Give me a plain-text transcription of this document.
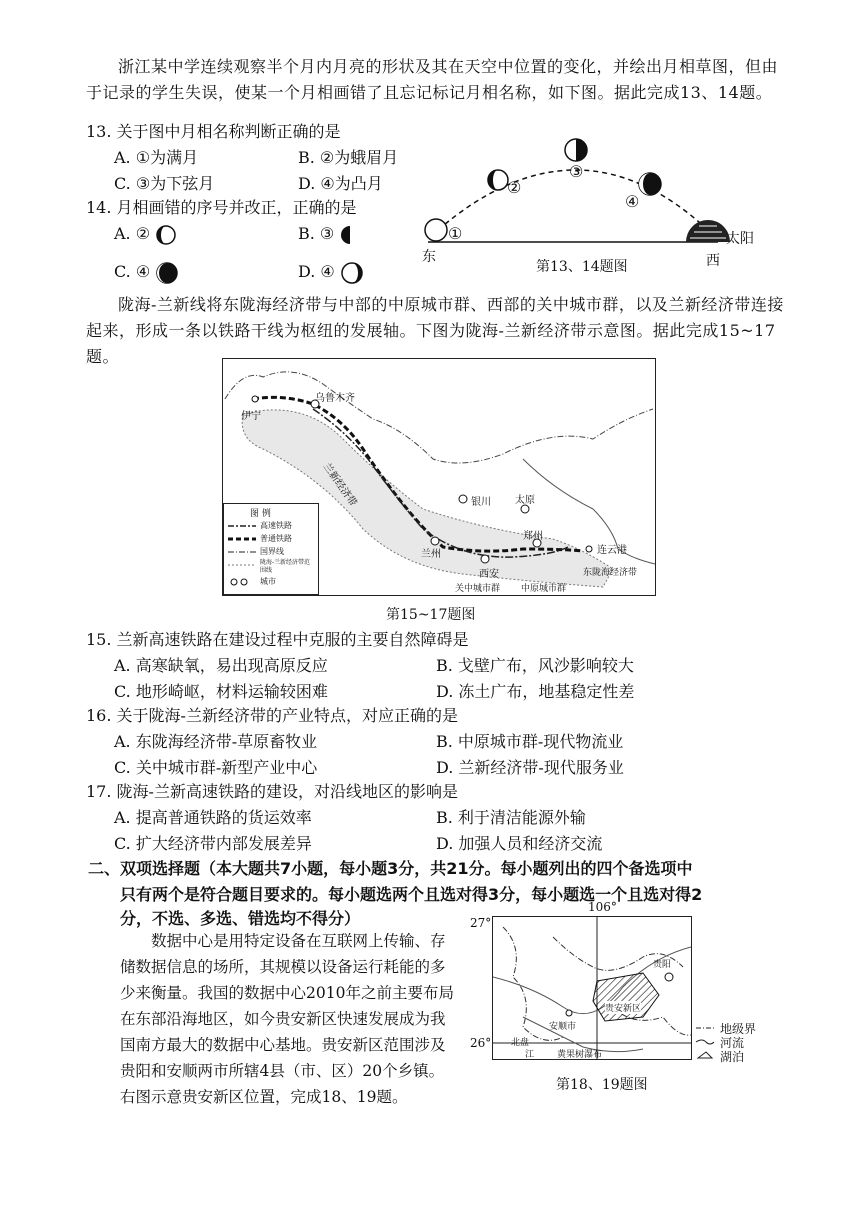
浙江某中学连续观察半个月内月亮的形状及其在天空中位置的变化，并绘出月相草图，但由于记录的学生失误，使某一个月相画错了且忘记标记月相名称，如下图。据此完成13、14题。
13. 关于图中月相名称判断正确的是
A. ①为满月	B. ②为蛾眉月
C. ③为下弦月	D. ④为凸月
14. 月相画错的序号并改正，正确的是
A. ②	B. ③
C. ④	D. ④
①
②
③
④
东	西
太阳
第13、14题图
陇海-兰新线将东陇海经济带与中部的中原城市群、西部的关中城市群，以及兰新经济带连接起来，形成一条以铁路干线为枢纽的发展轴。下图为陇海-兰新经济带示意图。据此完成15~17题。
伊宁
乌鲁木齐
银川 太原
兰州
郑州
西安
连云港
兰新经济带
东陇海经济带
关中城市群 中原城市群
图 例
高速铁路
普通铁路
国界线
陇海-兰新经济带范围线
城市
第15~17题图
15. 兰新高速铁路在建设过程中克服的主要自然障碍是
A. 高寒缺氧，易出现高原反应	B. 戈壁广布，风沙影响较大
C. 地形崎岖，材料运输较困难	D. 冻土广布，地基稳定性差
16. 关于陇海-兰新经济带的产业特点，对应正确的是
A. 东陇海经济带-草原畜牧业	B. 中原城市群-现代物流业
C. 关中城市群-新型产业中心	D. 兰新经济带-现代服务业
17. 陇海-兰新高速铁路的建设，对沿线地区的影响是
A. 提高普通铁路的货运效率	B. 利于清洁能源外输
C. 扩大经济带内部发展差异	D. 加强人员和经济交流
二、双项选择题（本大题共7小题，每小题3分，共21分。每小题列出的四个备选项中
只有两个是符合题目要求的。每小题选两个且选对得3分，每小题选一个且选对得2
分，不选、多选、错选均不得分）
数据中心是用特定设备在互联网上传输、存
储数据信息的场所，其规模以设备运行耗能的多
少来衡量。我国的数据中心2010年之前主要布局
在东部沿海地区，如今贵安新区快速发展成为我
国南方最大的数据中心基地。贵安新区范围涉及
贵阳和安顺两市所辖4县（市、区）20个乡镇。
右图示意贵安新区位置，完成18、19题。
106°
27°
26°
贵阳
安顺市
贵安新区
北盘
江	黄果树瀑布
地级界
河流
湖泊
第18、19题图
